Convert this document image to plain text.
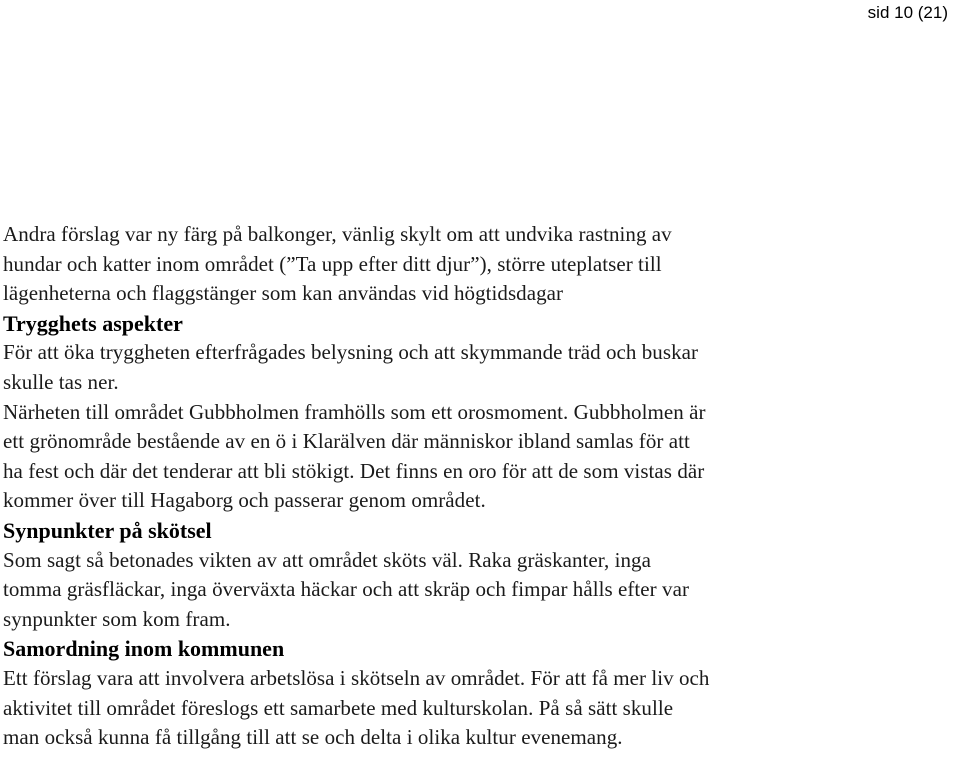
sid 10 (21)
Andra förslag var ny färg på balkonger, vänlig skylt om att undvika rastning av
hundar och katter inom området (”Ta upp efter ditt djur”), större uteplatser till
lägenheterna och flaggstänger som kan användas vid högtidsdagar
Trygghets aspekter
För att öka tryggheten efterfrågades belysning och att skymmande träd och buskar
skulle tas ner.
Närheten till området Gubbholmen framhölls som ett orosmoment. Gubbholmen är
ett grönområde bestående av en ö i Klarälven där människor ibland samlas för att
ha fest och där det tenderar att bli stökigt. Det finns en oro för att de som vistas där
kommer över till Hagaborg och passerar genom området.
Synpunkter på skötsel
Som sagt så betonades vikten av att området sköts väl. Raka gräskanter, inga
tomma gräsfläckar, inga överväxta häckar och att skräp och fimpar hålls efter var
synpunkter som kom fram.
Samordning inom kommunen
Ett förslag vara att involvera arbetslösa i skötseln av området. För att få mer liv och
aktivitet till området föreslogs ett samarbete med kulturskolan. På så sätt skulle
man också kunna få tillgång till att se och delta i olika kultur evenemang.
